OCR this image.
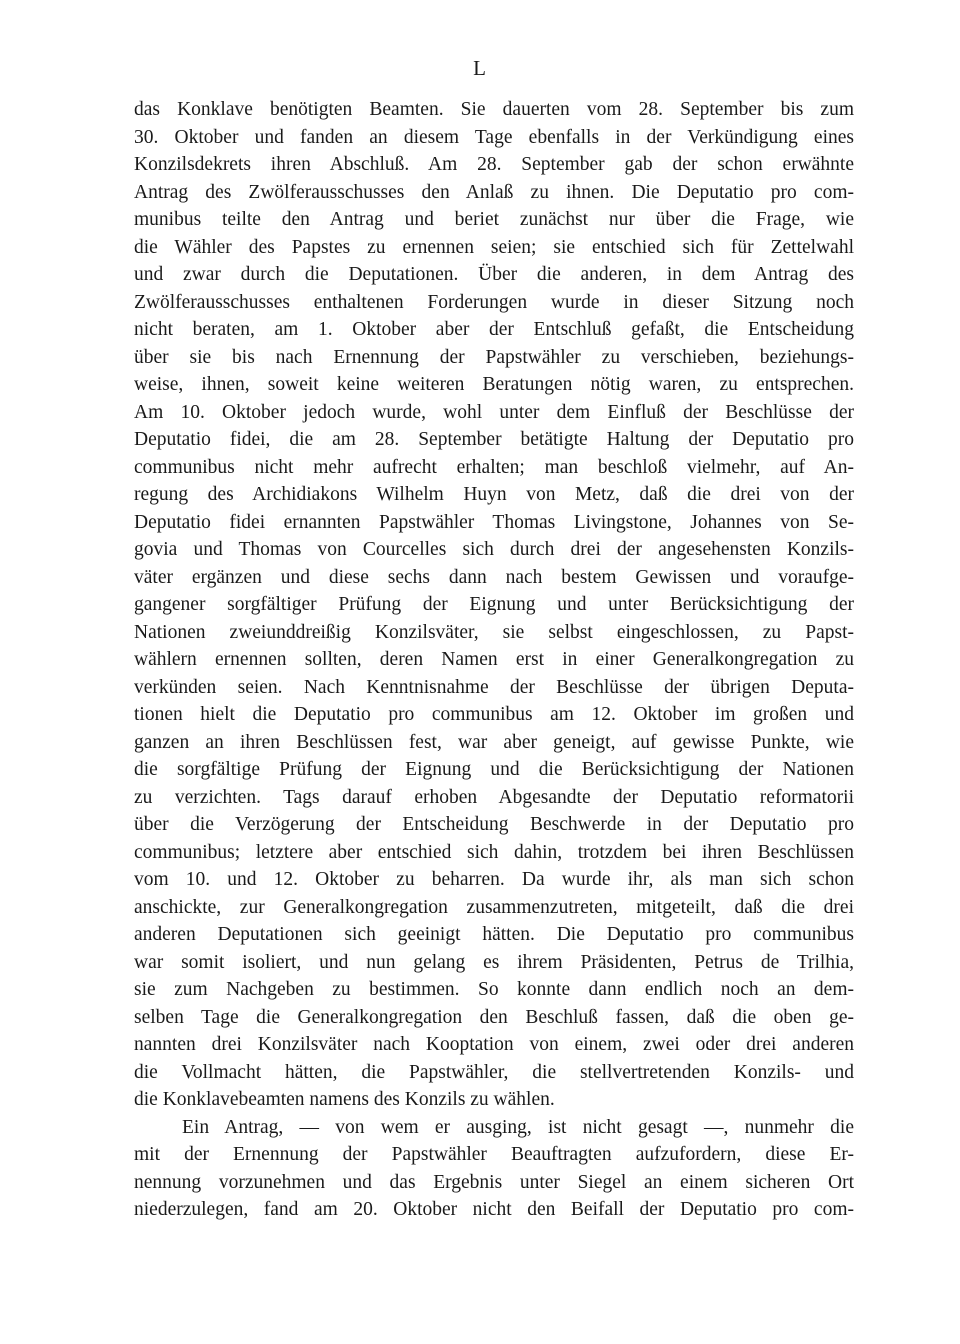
L
das Konklave benötigten Beamten. Sie dauerten vom 28. September bis zum
30. Oktober und fanden an diesem Tage ebenfalls in der Verkündigung eines
Konzilsdekrets ihren Abschluß. Am 28. September gab der schon erwähnte
Antrag des Zwölferausschusses den Anlaß zu ihnen. Die Deputatio pro com-
munibus teilte den Antrag und beriet zunächst nur über die Frage, wie
die Wähler des Papstes zu ernennen seien; sie entschied sich für Zettelwahl
und zwar durch die Deputationen. Über die anderen, in dem Antrag des
Zwölferausschusses enthaltenen Forderungen wurde in dieser Sitzung noch
nicht beraten, am 1. Oktober aber der Entschluß gefaßt, die Entscheidung
über sie bis nach Ernennung der Papstwähler zu verschieben, beziehungs-
weise, ihnen, soweit keine weiteren Beratungen nötig waren, zu entsprechen.
Am 10. Oktober jedoch wurde, wohl unter dem Einfluß der Beschlüsse der
Deputatio fidei, die am 28. September betätigte Haltung der Deputatio pro
communibus nicht mehr aufrecht erhalten; man beschloß vielmehr, auf An-
regung des Archidiakons Wilhelm Huyn von Metz, daß die drei von der
Deputatio fidei ernannten Papstwähler Thomas Livingstone, Johannes von Se-
govia und Thomas von Courcelles sich durch drei der angesehensten Konzils-
väter ergänzen und diese sechs dann nach bestem Gewissen und voraufge-
gangener sorgfältiger Prüfung der Eignung und unter Berücksichtigung der
Nationen zweiunddreißig Konzilsväter, sie selbst eingeschlossen, zu Papst-
wählern ernennen sollten, deren Namen erst in einer Generalkongregation zu
verkünden seien. Nach Kenntnisnahme der Beschlüsse der übrigen Deputa-
tionen hielt die Deputatio pro communibus am 12. Oktober im großen und
ganzen an ihren Beschlüssen fest, war aber geneigt, auf gewisse Punkte, wie
die sorgfältige Prüfung der Eignung und die Berücksichtigung der Nationen
zu verzichten. Tags darauf erhoben Abgesandte der Deputatio reformatorii
über die Verzögerung der Entscheidung Beschwerde in der Deputatio pro
communibus; letztere aber entschied sich dahin, trotzdem bei ihren Beschlüssen
vom 10. und 12. Oktober zu beharren. Da wurde ihr, als man sich schon
anschickte, zur Generalkongregation zusammenzutreten, mitgeteilt, daß die drei
anderen Deputationen sich geeinigt hätten. Die Deputatio pro communibus
war somit isoliert, und nun gelang es ihrem Präsidenten, Petrus de Trilhia,
sie zum Nachgeben zu bestimmen. So konnte dann endlich noch an dem-
selben Tage die Generalkongregation den Beschluß fassen, daß die oben ge-
nannten drei Konzilsväter nach Kooptation von einem, zwei oder drei anderen
die Vollmacht hätten, die Papstwähler, die stellvertretenden Konzils- und
die Konklavebeamten namens des Konzils zu wählen.
Ein Antrag, — von wem er ausging, ist nicht gesagt —, nunmehr die
mit der Ernennung der Papstwähler Beauftragten aufzufordern, diese Er-
nennung vorzunehmen und das Ergebnis unter Siegel an einem sicheren Ort
niederzulegen, fand am 20. Oktober nicht den Beifall der Deputatio pro com-
